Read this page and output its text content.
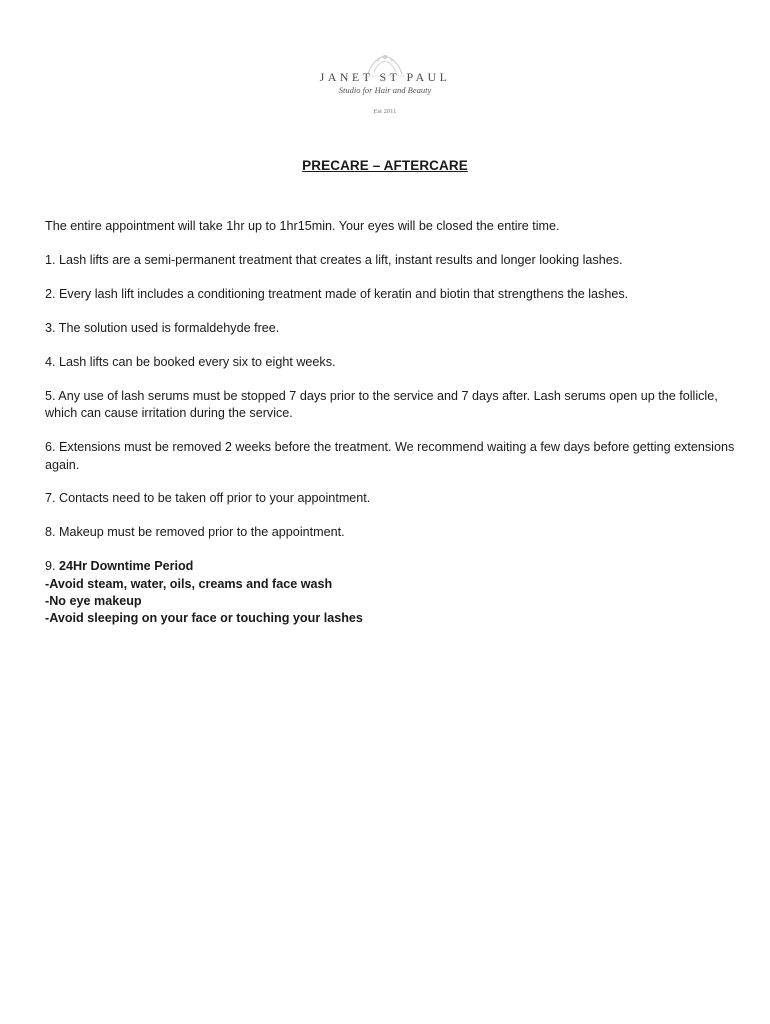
JANET ST PAUL
Studio for Hair and Beauty
Est 2011
PRECARE – AFTERCARE

The entire appointment will take 1hr up to 1hr15min. Your eyes will be closed the entire time.

1. Lash lifts are a semi-permanent treatment that creates a lift, instant results and longer looking lashes.

2. Every lash lift includes a conditioning treatment made of keratin and biotin that strengthens the lashes.

3. The solution used is formaldehyde free.

4. Lash lifts can be booked every six to eight weeks.

5. Any use of lash serums must be stopped 7 days prior to the service and 7 days after. Lash serums open up the follicle, which can cause irritation during the service.

6. Extensions must be removed 2 weeks before the treatment. We recommend waiting a few days before getting extensions again.

7. Contacts need to be taken off prior to your appointment.

8. Makeup must be removed prior to the appointment.

9. 24Hr Downtime Period
-Avoid steam, water, oils, creams and face wash
-No eye makeup
-Avoid sleeping on your face or touching your lashes
